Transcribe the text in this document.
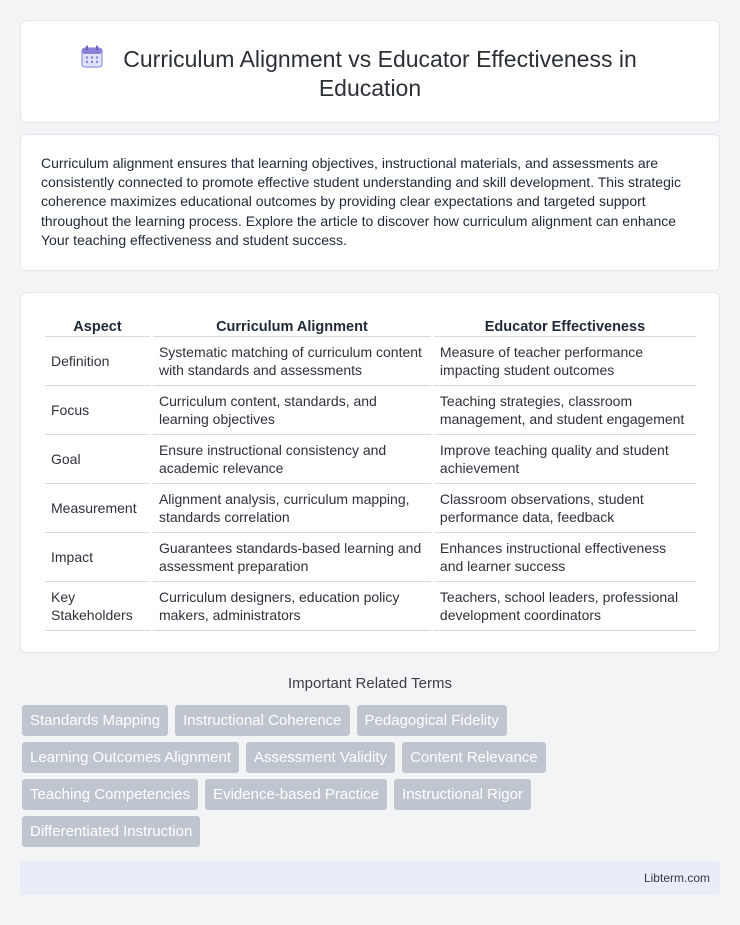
Curriculum Alignment vs Educator Effectiveness in
Education

Curriculum alignment ensures that learning objectives, instructional materials, and assessments are consistently connected to promote effective student understanding and skill development. This strategic coherence maximizes educational outcomes by providing clear expectations and targeted support throughout the learning process. Explore the article to discover how curriculum alignment can enhance Your teaching effectiveness and student success.

Aspect	Curriculum Alignment	Educator Effectiveness
Definition	Systematic matching of curriculum content with standards and assessments	Measure of teacher performance impacting student outcomes
Focus	Curriculum content, standards, and learning objectives	Teaching strategies, classroom management, and student engagement
Goal	Ensure instructional consistency and academic relevance	Improve teaching quality and student achievement
Measurement	Alignment analysis, curriculum mapping, standards correlation	Classroom observations, student performance data, feedback
Impact	Guarantees standards-based learning and assessment preparation	Enhances instructional effectiveness and learner success
Key Stakeholders	Curriculum designers, education policy makers, administrators	Teachers, school leaders, professional development coordinators
Important Related Terms
Standards Mapping	Instructional Coherence	Pedagogical Fidelity
Learning Outcomes Alignment	Assessment Validity	Content Relevance
Teaching Competencies	Evidence-based Practice	Instructional Rigor
Differentiated Instruction
Libterm.com
